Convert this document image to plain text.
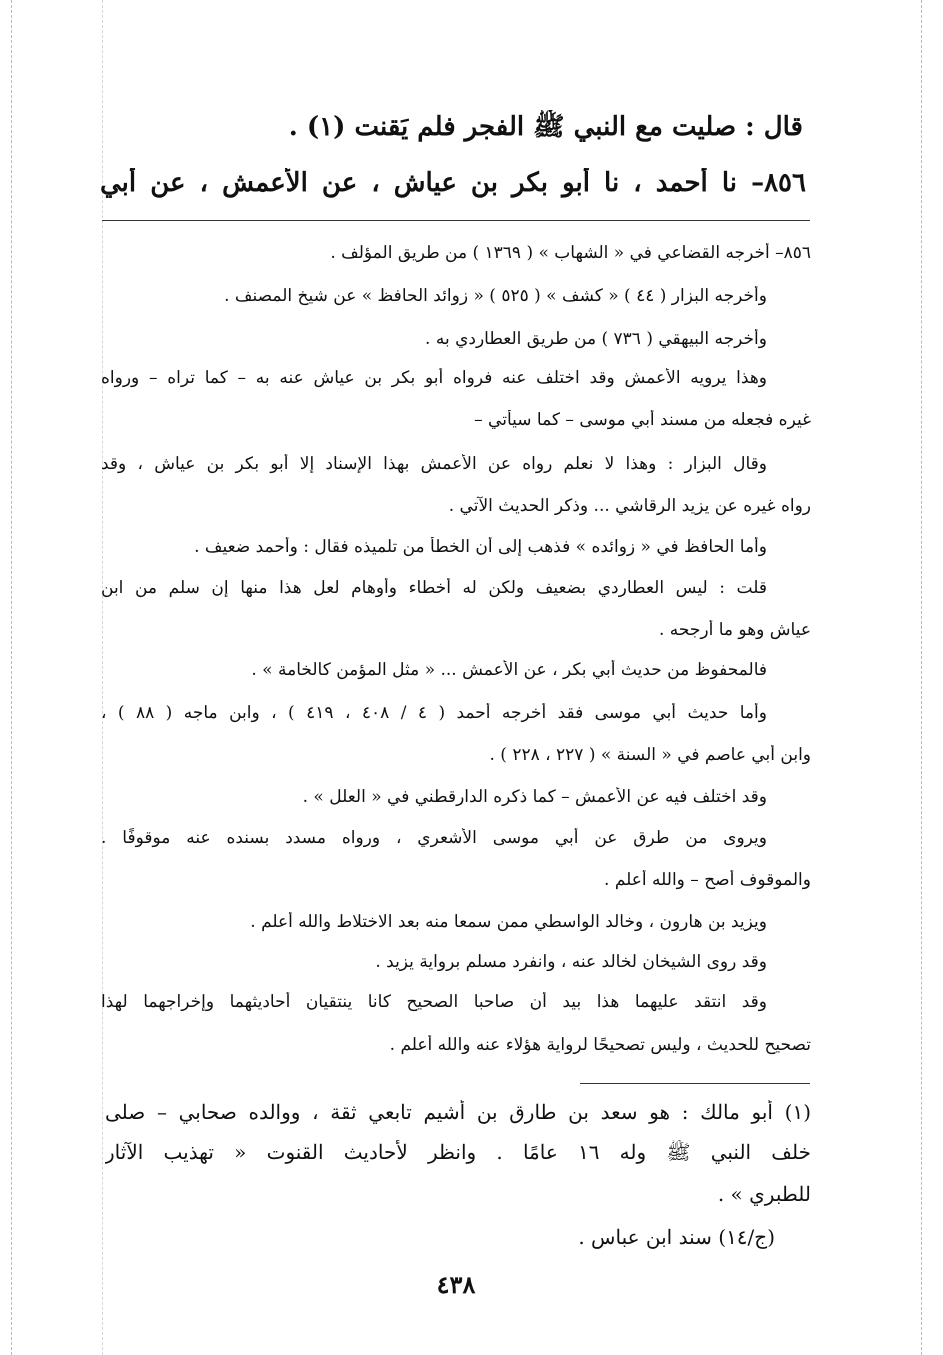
قال : صليت مع النبي ﷺ الفجر فلم يَقنت (١) .
٨٥٦– نا أحمد ، نا أبو بكر بن عياش ، عن الأعمش ، عن أبي
٨٥٦– أخرجه القضاعي في « الشهاب » ( ١٣٦٩ ) من طريق المؤلف .
وأخرجه البزار ( ٤٤ ) « كشف » ( ٥٢٥ ) « زوائد الحافظ » عن شيخ المصنف .
وأخرجه البيهقي ( ٧٣٦ ) من طريق العطاردي به .
وهذا يرويه الأعمش وقد اختلف عنه فرواه أبو بكر بن عياش عنه به – كما تراه – ورواه
غيره فجعله من مسند أبي موسى – كما سيأتي –
وقال البزار : وهذا لا نعلم رواه عن الأعمش بهذا الإسناد إلا أبو بكر بن عياش ، وقد
رواه غيره عن يزيد الرقاشي ... وذكر الحديث الآتي .
وأما الحافظ في « زوائده » فذهب إلى أن الخطأ من تلميذه فقال : وأحمد ضعيف .
قلت : ليس العطاردي بضعيف ولكن له أخطاء وأوهام لعل هذا منها إن سلم من ابن
عياش وهو ما أرجحه .
فالمحفوظ من حديث أبي بكر ، عن الأعمش ... « مثل المؤمن كالخامة » .
وأما حديث أبي موسى فقد أخرجه أحمد ( ٤ / ٤٠٨ ، ٤١٩ ) ، وابن ماجه ( ٨٨ ) ،
وابن أبي عاصم في « السنة » ( ٢٢٧ ، ٢٢٨ ) .
وقد اختلف فيه عن الأعمش – كما ذكره الدارقطني في « العلل » .
ويروى من طرق عن أبي موسى الأشعري ، ورواه مسدد بسنده عنه موقوفًا .
والموقوف أصح – والله أعلم .
ويزيد بن هارون ، وخالد الواسطي ممن سمعا منه بعد الاختلاط والله أعلم .
وقد روى الشيخان لخالد عنه ، وانفرد مسلم برواية يزيد .
وقد انتقد عليهما هذا بيد أن صاحبا الصحيح كانا ينتقيان أحاديثهما وإخراجهما لهذا
تصحيح للحديث ، وليس تصحيحًا لرواية هؤلاء عنه والله أعلم .
(١) أبو مالك : هو سعد بن طارق بن أشيم تابعي ثقة ، ووالده صحابي – صلى
خلف النبي ﷺ وله ١٦ عامًا . وانظر لأحاديث القنوت « تهذيب الآثار
للطبري » .
(ج/١٤) سند ابن عباس .
٤٣٨
